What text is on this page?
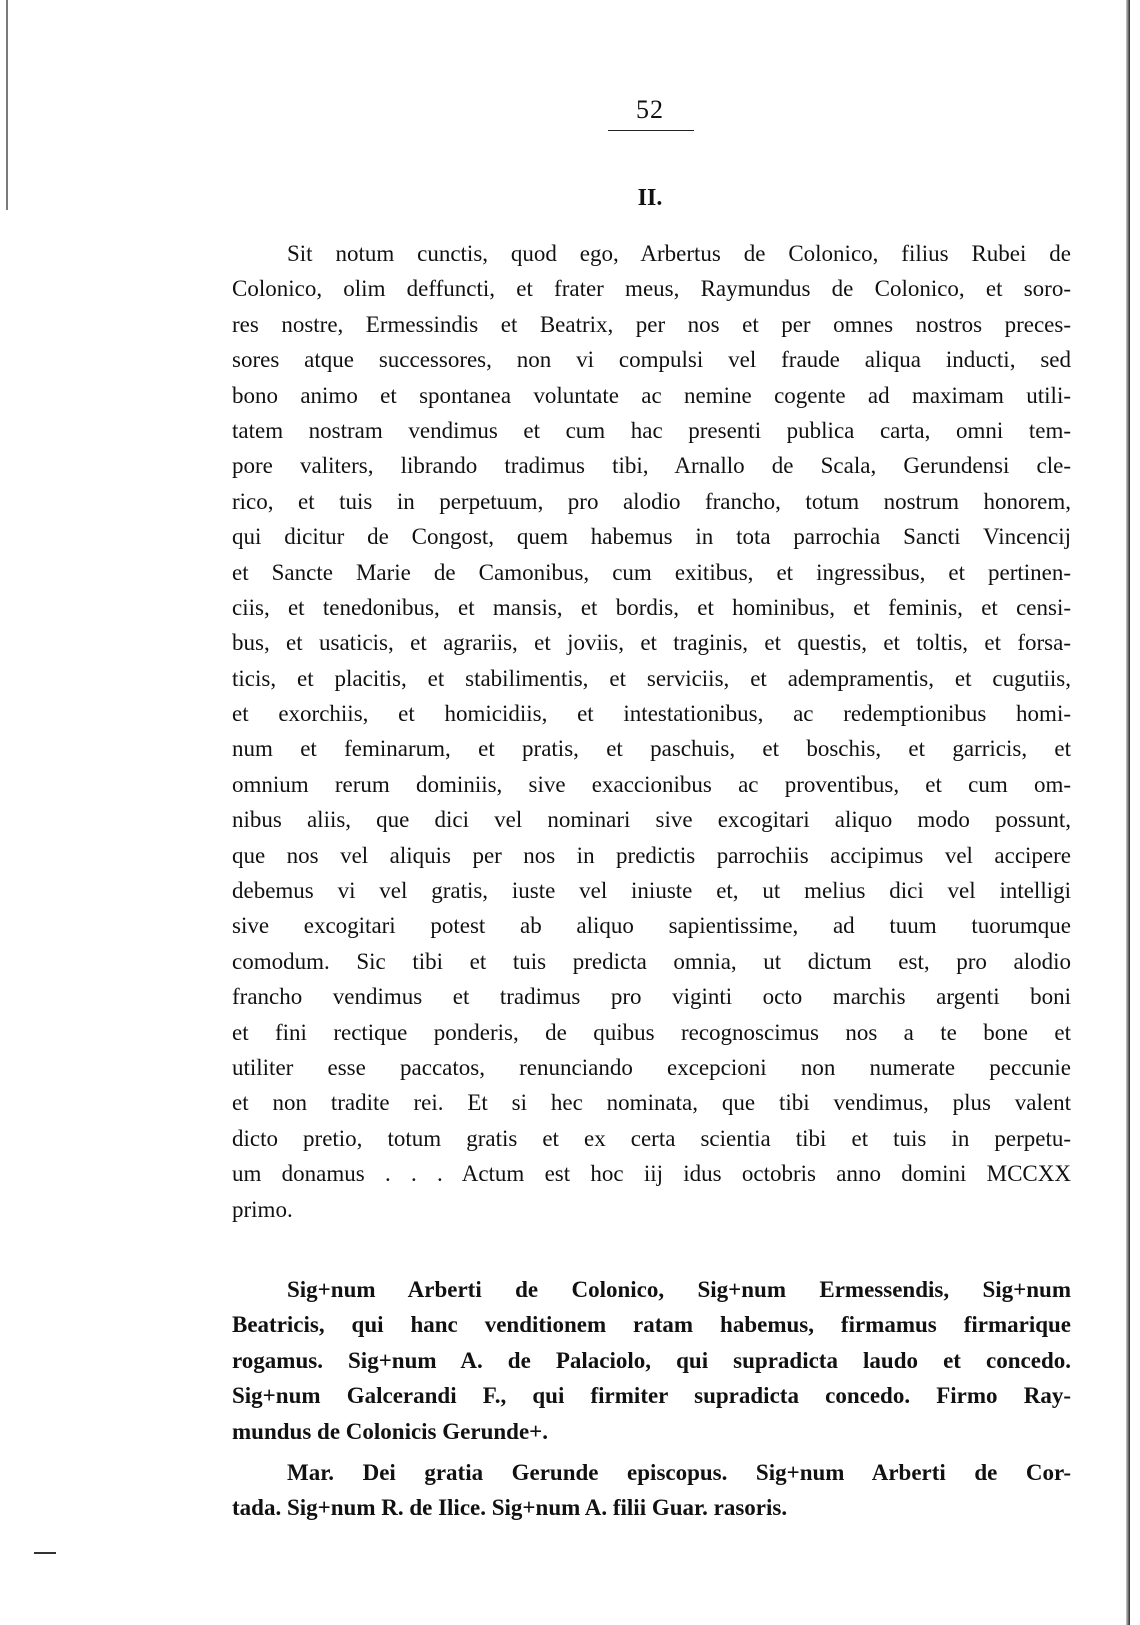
52
II.
Sit notum cunctis, quod ego, Arbertus de Colonico, filius Rubei de
Colonico, olim deffuncti, et frater meus, Raymundus de Colonico, et soro-
res nostre, Ermessindis et Beatrix, per nos et per omnes nostros preces-
sores atque successores, non vi compulsi vel fraude aliqua inducti, sed
bono animo et spontanea voluntate ac nemine cogente ad maximam utili-
tatem nostram vendimus et cum hac presenti publica carta, omni tem-
pore valiters, librando tradimus tibi, Arnallo de Scala, Gerundensi cle-
rico, et tuis in perpetuum, pro alodio francho, totum nostrum honorem,
qui dicitur de Congost, quem habemus in tota parrochia Sancti Vincencij
et Sancte Marie de Camonibus, cum exitibus, et ingressibus, et pertinen-
ciis, et tenedonibus, et mansis, et bordis, et hominibus, et feminis, et censi-
bus, et usaticis, et agrariis, et joviis, et traginis, et questis, et toltis, et forsa-
ticis, et placitis, et stabilimentis, et serviciis, et adempramentis, et cugutiis,
et exorchiis, et homicidiis, et intestationibus, ac redemptionibus homi-
num et feminarum, et pratis, et paschuis, et boschis, et garricis, et
omnium rerum dominiis, sive exaccionibus ac proventibus, et cum om-
nibus aliis, que dici vel nominari sive excogitari aliquo modo possunt,
que nos vel aliquis per nos in predictis parrochiis accipimus vel accipere
debemus vi vel gratis, iuste vel iniuste et, ut melius dici vel intelligi
sive excogitari potest ab aliquo sapientissime, ad tuum tuorumque
comodum. Sic tibi et tuis predicta omnia, ut dictum est, pro alodio
francho vendimus et tradimus pro viginti octo marchis argenti boni
et fini rectique ponderis, de quibus recognoscimus nos a te bone et
utiliter esse paccatos, renunciando excepcioni non numerate peccunie
et non tradite rei. Et si hec nominata, que tibi vendimus, plus valent
dicto pretio, totum gratis et ex certa scientia tibi et tuis in perpetu-
um donamus . . . Actum est hoc iij idus octobris anno domini MCCXX
primo.
Sig+num Arberti de Colonico, Sig+num Ermessendis, Sig+num
Beatricis, qui hanc venditionem ratam habemus, firmamus firmarique
rogamus. Sig+num A. de Palaciolo, qui supradicta laudo et concedo.
Sig+num Galcerandi F., qui firmiter supradicta concedo. Firmo Ray-
mundus de Colonicis Gerunde+.
Mar. Dei gratia Gerunde episcopus. Sig+num Arberti de Cor-
tada. Sig+num R. de Ilice. Sig+num A. filii Guar. rasoris.
